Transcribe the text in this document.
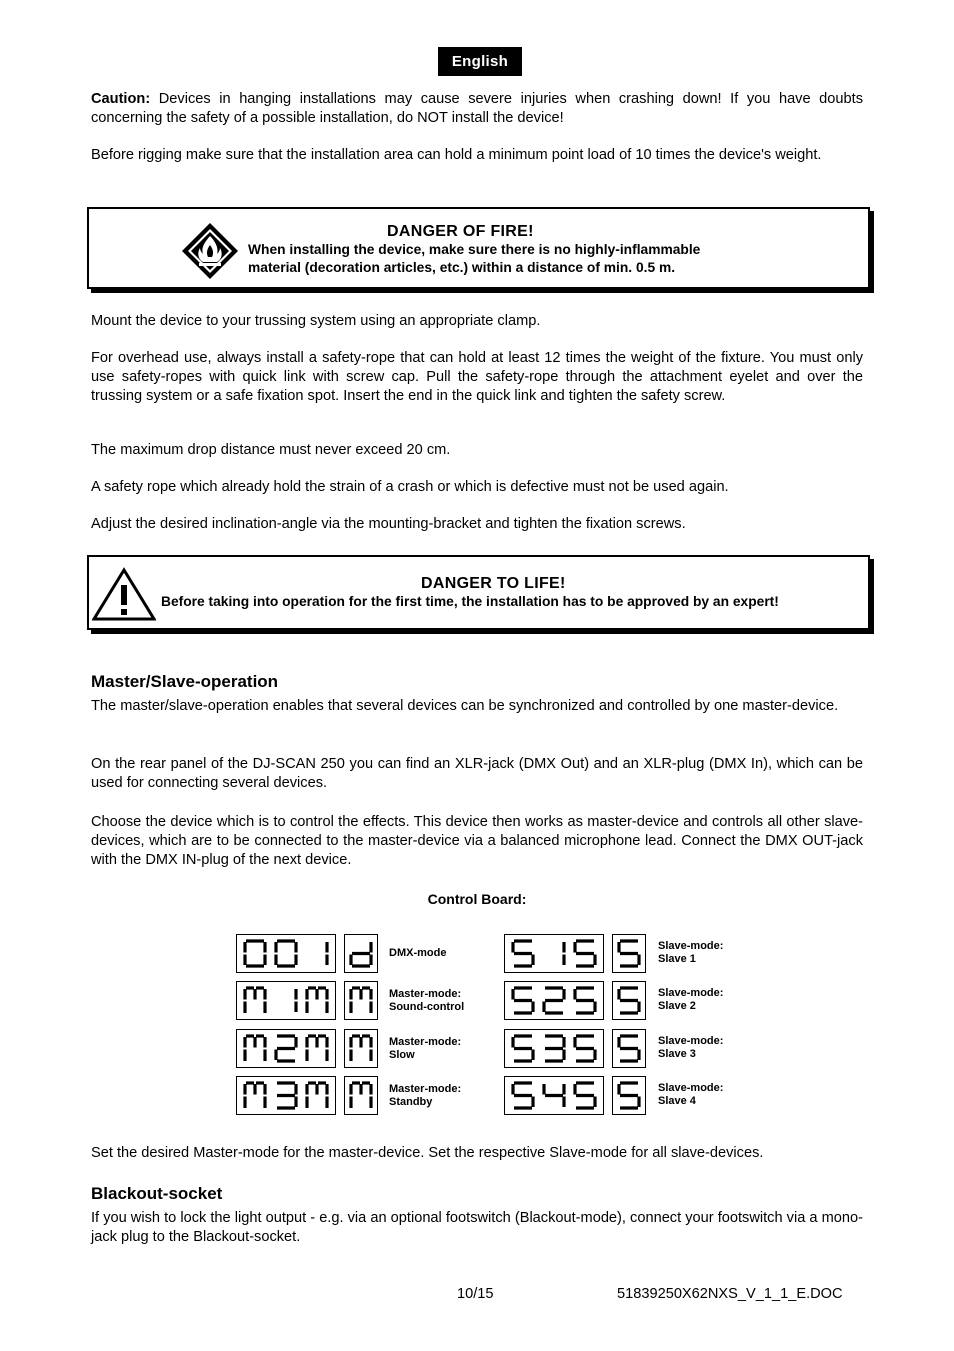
English
Caution: Devices in hanging installations may cause severe injuries when crashing down! If you have doubts concerning the safety of a possible installation, do NOT install the device!
Before rigging make sure that the installation area can hold a minimum point load of 10 times the device's weight.
DANGER OF FIRE!
When installing the device, make sure there is no highly-inflammable
material (decoration articles, etc.) within a distance of min. 0.5 m.
Mount the device to your trussing system using an appropriate clamp.
For overhead use, always install a safety-rope that can hold at least 12 times the weight of the fixture. You must only use safety-ropes with quick link with screw cap. Pull the safety-rope through the attachment eyelet and over the trussing system or a safe fixation spot. Insert the end in the quick link and tighten the safety screw.
The maximum drop distance must never exceed 20 cm.
A safety rope which already hold the strain of a crash or which is defective must not be used again.
Adjust the desired inclination-angle via the mounting-bracket and tighten the fixation screws.
DANGER TO LIFE!
Before taking into operation for the first time, the installation has to be approved by an expert!
Master/Slave-operation
The master/slave-operation enables that several devices can be synchronized and controlled by one master-device.
On the rear panel of the DJ-SCAN 250 you can find an XLR-jack (DMX Out) and an XLR-plug (DMX In), which can be used for connecting several devices.
Choose the device which is to control the effects. This device then works as master-device and controls all other slave-devices, which are to be connected to the master-device via a balanced microphone lead. Connect the DMX OUT-jack with the DMX IN-plug of the next device.
Control Board:
Set the desired Master-mode for the master-device. Set the respective Slave-mode for all slave-devices.
Blackout-socket
If you wish to lock the light output - e.g. via an optional footswitch (Blackout-mode), connect your footswitch via a mono-jack plug to the Blackout-socket.
10/15	51839250X62NXS_V_1_1_E.DOC
DMX-mode
Master-mode:
Sound-control
Master-mode:
Slow
Master-mode:
Standby
Slave-mode:
Slave 1
Slave-mode:
Slave 2
Slave-mode:
Slave 3
Slave-mode:
Slave 4
